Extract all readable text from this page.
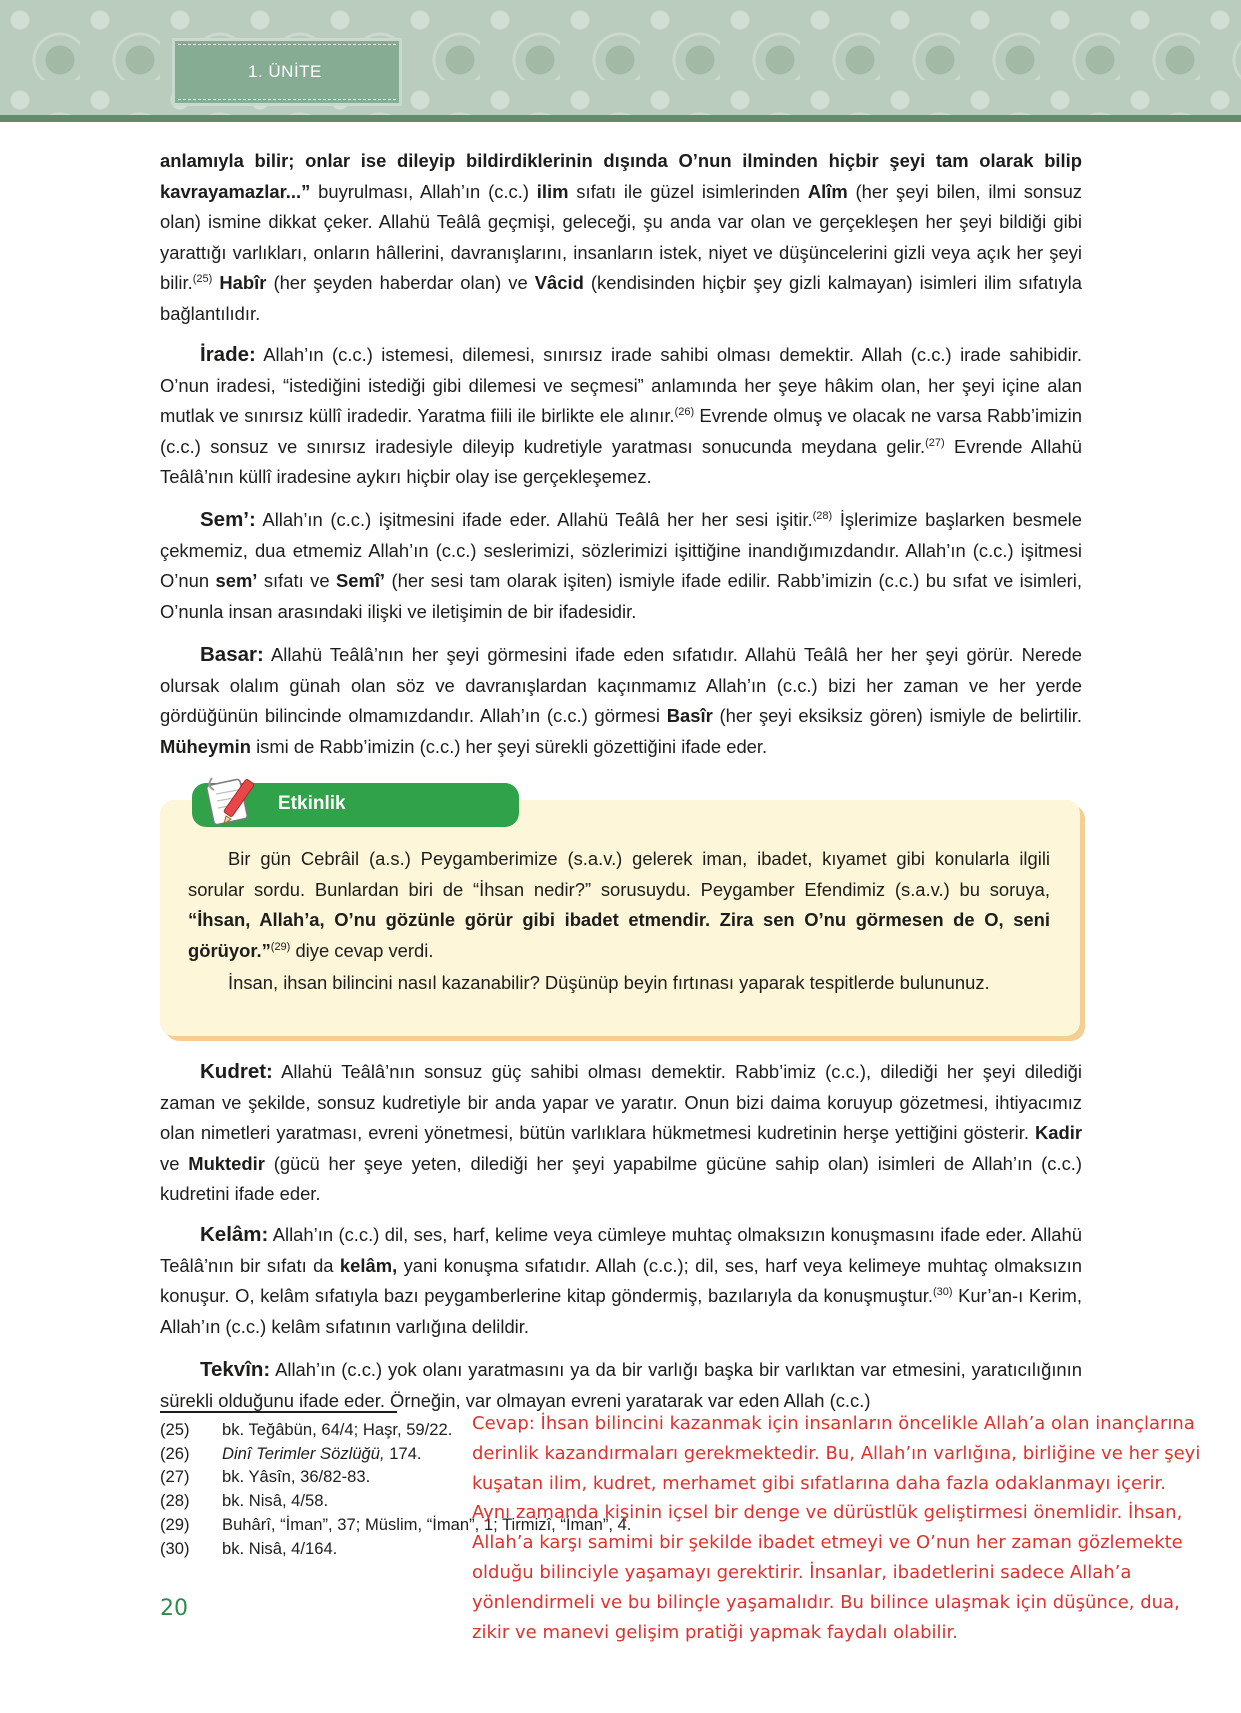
1. ÜNİTE

anlamıyla bilir; onlar ise dileyip bildirdiklerinin dışında O’nun ilminden hiçbir şeyi tam olarak bilip kavrayamazlar...” buyrulması, Allah’ın (c.c.) ilim sıfatı ile güzel isimlerinden Alîm (her şeyi bilen, ilmi sonsuz olan) ismine dikkat çeker. Allahü Teâlâ geçmişi, geleceği, şu anda var olan ve gerçekleşen her şeyi bildiği gibi yarattığı varlıkları, onların hâllerini, davranışlarını, insanların istek, niyet ve düşüncelerini gizli veya açık her şeyi bilir.$^{(25)}$ Habîr (her şeyden haberdar olan) ve Vâcid (kendisinden hiçbir şey gizli kalmayan) isimleri ilim sıfatıyla bağlantılıdır.

İrade: Allah’ın (c.c.) istemesi, dilemesi, sınırsız irade sahibi olması demektir. Allah (c.c.) irade sahibidir. O’nun iradesi, “istediğini istediği gibi dilemesi ve seçmesi” anlamında her şeye hâkim olan, her şeyi içine alan mutlak ve sınırsız küllî iradedir. Yaratma fiili ile birlikte ele alınır.$^{(26)}$ Evrende olmuş ve olacak ne varsa Rabb’imizin (c.c.) sonsuz ve sınırsız iradesiyle dileyip kudretiyle yaratması sonucunda meydana gelir.$^{(27)}$ Evrende Allahü Teâlâ’nın küllî iradesine aykırı hiçbir olay ise gerçekleşemez.

Sem’: Allah’ın (c.c.) işitmesini ifade eder. Allahü Teâlâ her her sesi işitir.$^{(28)}$ İşlerimize başlarken besmele çekmemiz, dua etmemiz Allah’ın (c.c.) seslerimizi, sözlerimizi işittiğine inandığımızdandır. Allah’ın (c.c.) işitmesi O’nun sem’ sıfatı ve Semî’ (her sesi tam olarak işiten) ismiyle ifade edilir. Rabb’imizin (c.c.) bu sıfat ve isimleri, O’nunla insan arasındaki ilişki ve iletişimin de bir ifadesidir.

Basar: Allahü Teâlâ’nın her şeyi görmesini ifade eden sıfatıdır. Allahü Teâlâ her her şeyi görür. Nerede olursak olalım günah olan söz ve davranışlardan kaçınmamız Allah’ın (c.c.) bizi her zaman ve her yerde gördüğünün bilincinde olmamızdandır. Allah’ın (c.c.) görmesi Basîr (her şeyi eksiksiz gören) ismiyle de belirtilir. Müheymin ismi de Rabb’imizin (c.c.) her şeyi sürekli gözettiğini ifade eder.

Bir gün Cebrâil (a.s.) Peygamberimize (s.a.v.) gelerek iman, ibadet, kıyamet gibi konularla ilgili sorular sordu. Bunlardan biri de “İhsan nedir?” sorusuydu. Peygamber Efendimiz (s.a.v.) bu soruya, “İhsan, Allah’a, O’nu gözünle görür gibi ibadet etmendir. Zira sen O’nu görmesen de O, seni görüyor.”$^{(29)}$ diye cevap verdi.

İnsan, ihsan bilincini nasıl kazanabilir? Düşünüp beyin fırtınası yaparak tespitlerde bulununuz.

Etkinlik

Kudret: Allahü Teâlâ’nın sonsuz güç sahibi olması demektir. Rabb’imiz (c.c.), dilediği her şeyi dilediği zaman ve şekilde, sonsuz kudretiyle bir anda yapar ve yaratır. Onun bizi daima koruyup gözetmesi, ihtiyacımız olan nimetleri yaratması, evreni yönetmesi, bütün varlıklara hükmetmesi kudretinin herşe yettiğini gösterir. Kadir ve Muktedir (gücü her şeye yeten, dilediği her şeyi yapabilme gücüne sahip olan) isimleri de Allah’ın (c.c.) kudretini ifade eder.

Kelâm: Allah’ın (c.c.) dil, ses, harf, kelime veya cümleye muhtaç olmaksızın konuşmasını ifade eder. Allahü Teâlâ’nın bir sıfatı da kelâm, yani konuşma sıfatıdır. Allah (c.c.); dil, ses, harf veya kelimeye muhtaç olmaksızın konuşur. O, kelâm sıfatıyla bazı peygamberlerine kitap göndermiş, bazılarıyla da konuşmuştur.$^{(30)}$ Kur’an-ı Kerim, Allah’ın (c.c.) kelâm sıfatının varlığına delildir.

Tekvîn: Allah’ın (c.c.) yok olanı yaratmasını ya da bir varlığı başka bir varlıktan var etmesini, yaratıcılığının sürekli olduğunu ifade eder. Örneğin, var olmayan evreni yaratarak var eden Allah (c.c.)

(25) bk. Teğâbün, 64/4; Haşr, 59/22.
(26) Dinî Terimler Sözlüğü, 174.
(27) bk. Yâsîn, 36/82-83.
(28) bk. Nisâ, 4/58.
(29) Buhârî, “İman”, 37; Müslim, “İman”, 1; Tirmizî, “İman”, 4.
(30) bk. Nisâ, 4/164.
Cevap: İhsan bilincini kazanmak için insanların öncelikle Allah’a olan inançlarına derinlik kazandırmaları gerekmektedir. Bu, Allah’ın varlığına, birliğine ve her şeyi kuşatan ilim, kudret, merhamet gibi sıfatlarına daha fazla odaklanmayı içerir. Aynı zamanda kişinin içsel bir denge ve dürüstlük geliştirmesi önemlidir. İhsan, Allah’a karşı samimi bir şekilde ibadet etmeyi ve O’nun her zaman gözlemekte olduğu bilinciyle yaşamayı gerektirir. İnsanlar, ibadetlerini sadece Allah’a yönlendirmeli ve bu bilinçle yaşamalıdır. Bu bilince ulaşmak için düşünce, dua, zikir ve manevi gelişim pratiği yapmak faydalı olabilir.
20
